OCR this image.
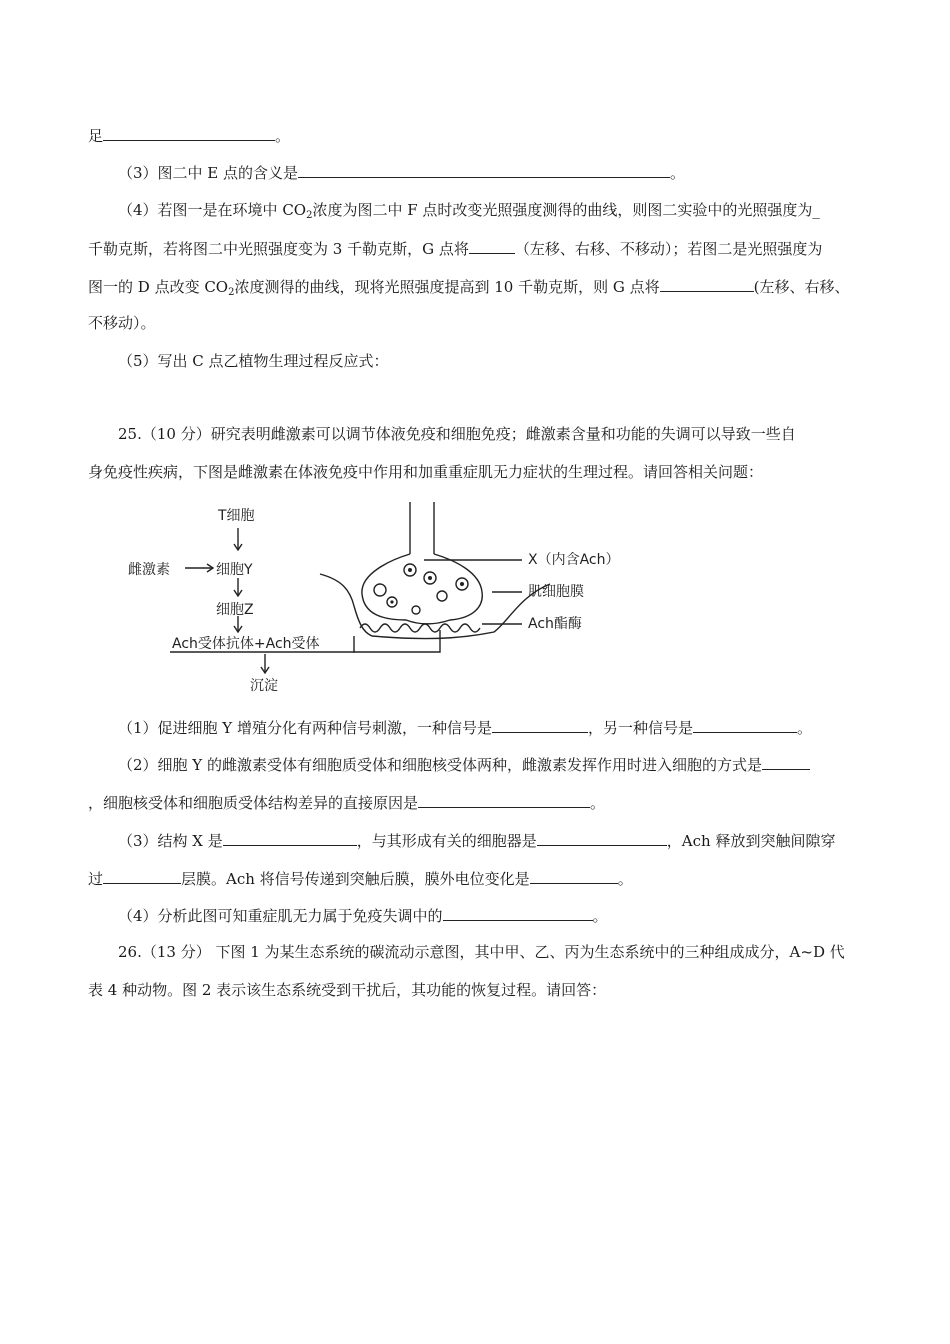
足	。
（3）图二中 E 点的含义是	。
（4）若图一是在环境中 $CO_2$浓度为图二中 F 点时改变光照强度测得的曲线，则图二实验中的光照强度为_
千勒克斯，若将图二中光照强度变为 3 千勒克斯，G 点将	（左移、右移、不移动）；若图二是光照强度为
图一的 D 点改变 $CO_2$浓度测得的曲线，现将光照强度提高到 10 千勒克斯，则 G 点将	(左移、右移、
不移动）。
（5）写出 C 点乙植物生理过程反应式：
25.（10 分）研究表明雌激素可以调节体液免疫和细胞免疫；雌激素含量和功能的失调可以导致一些自
身免疫性疾病，下图是雌激素在体液免疫中作用和加重重症肌无力症状的生理过程。请回答相关问题：
T细胞
雌激素	细胞Y
细胞Z
Ach受体抗体+Ach受体
沉淀
X（内含Ach）
肌细胞膜
Ach酯酶
（1）促进细胞 Y 增殖分化有两种信号刺激，一种信号是	，另一种信号是	。
（2）细胞 Y 的雌激素受体有细胞质受体和细胞核受体两种，雌激素发挥作用时进入细胞的方式是
，细胞核受体和细胞质受体结构差异的直接原因是	。
（3）结构 X 是	，与其形成有关的细胞器是	，Ach 释放到突触间隙穿
过	层膜。Ach 将信号传递到突触后膜，膜外电位变化是	。
（4）分析此图可知重症肌无力属于免疫失调中的	。
26.（13 分） 下图 1 为某生态系统的碳流动示意图，其中甲、乙、丙为生态系统中的三种组成成分，A~D 代
表 4 种动物。图 2 表示该生态系统受到干扰后，其功能的恢复过程。请回答：
